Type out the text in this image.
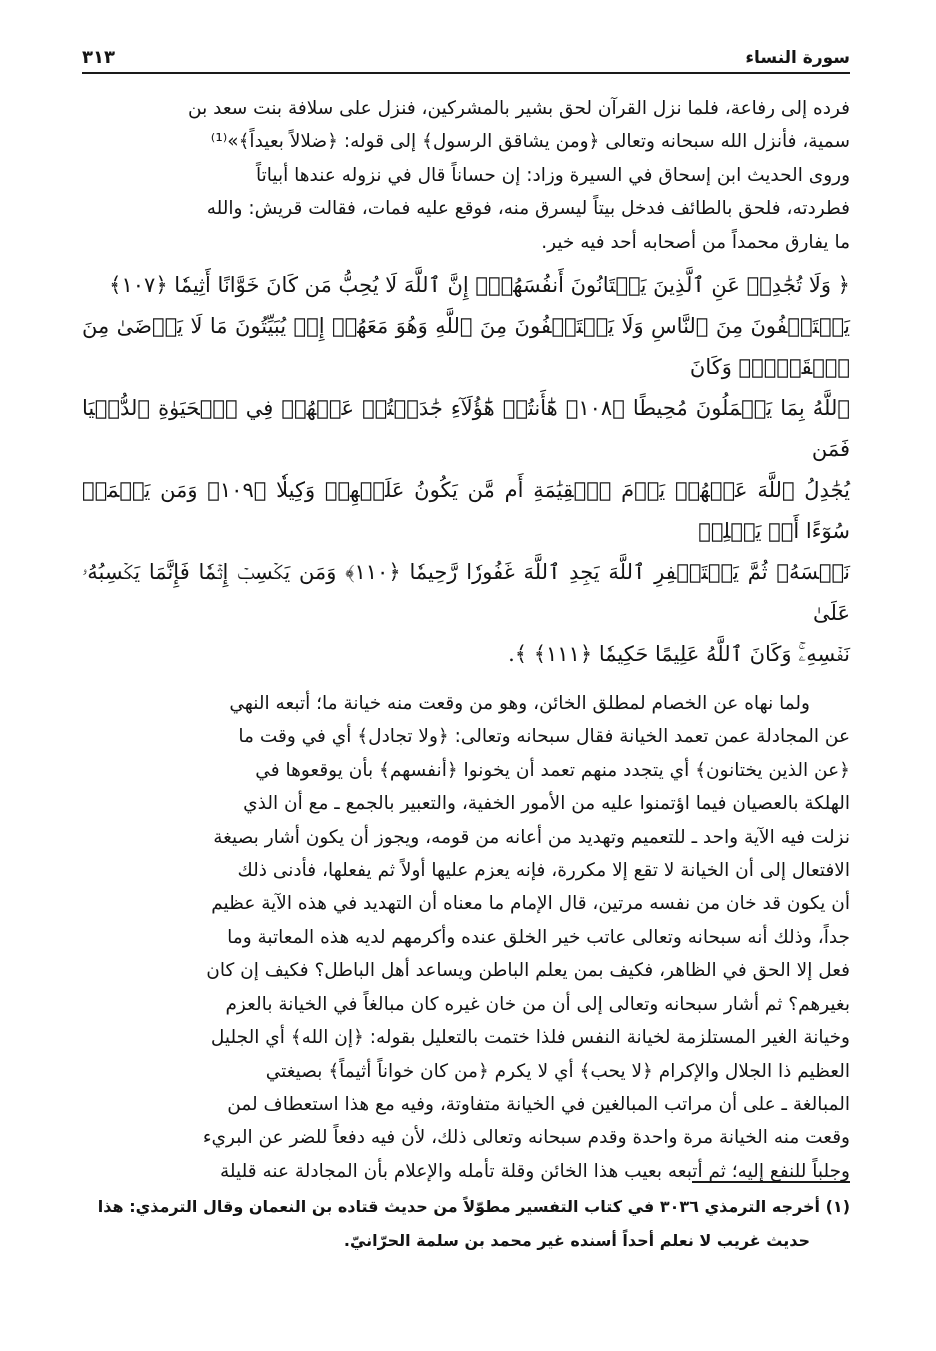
سورة النساء
٣١٣

فرده إلى رفاعة، فلما نزل القرآن لحق بشير بالمشركين، فنزل على سلافة بنت سعد بن

سمية، فأنزل الله سبحانه وتعالى ﴿ومن يشاقق الرسول﴾ إلى قوله: ﴿ضلالاً بعيداً﴾»⁽¹⁾

وروى الحديث ابن إسحاق في السيرة وزاد: إن حساناً قال في نزوله عندها أبياتاً

فطردته، فلحق بالطائف فدخل بيتاً ليسرق منه، فوقع عليه فمات، فقالت قريش: والله

ما يفارق محمداً من أصحابه أحد فيه خير.

﴿ وَلَا تُجَٰدِلۡ عَنِ ٱلَّذِينَ يَخۡتَانُونَ أَنفُسَهُمۡۚ إِنَّ ٱللَّهَ لَا يُحِبُّ مَن كَانَ خَوَّانًا أَثِيمٗا ﴿١٠٧﴾

يَسۡتَخۡفُونَ مِنَ ٱلنَّاسِ وَلَا يَسۡتَخۡفُونَ مِنَ ٱللَّهِ وَهُوَ مَعَهُمۡ إِذۡ يُبَيِّتُونَ مَا لَا يَرۡضَىٰ مِنَ ٱلۡقَوۡلِۚ وَكَانَ

ٱللَّهُ بِمَا يَعۡمَلُونَ مُحِيطًا ﴿١٠٨﴾ هَٰٓأَنتُمۡ هَٰٓؤُلَآءِ جَٰدَلۡتُمۡ عَنۡهُمۡ فِي ٱلۡحَيَوٰةِ ٱلدُّنۡيَا فَمَن

يُجَٰدِلُ ٱللَّهَ عَنۡهُمۡ يَوۡمَ ٱلۡقِيَٰمَةِ أَم مَّن يَكُونُ عَلَيۡهِمۡ وَكِيلٗا ﴿١٠٩﴾ وَمَن يَعۡمَلۡ سُوٓءًا أَوۡ يَظۡلِمۡ

نَفۡسَهُۥ ثُمَّ يَسۡتَغۡفِرِ ٱللَّهَ يَجِدِ ٱللَّهَ غَفُورٗا رَّحِيمٗا ﴿١١٠﴾ وَمَن يَكۡسِبۡ إِثۡمٗا فَإِنَّمَا يَكۡسِبُهُۥ عَلَىٰ

نَفۡسِهِۦۚ وَكَانَ ٱللَّهُ عَلِيمًا حَكِيمٗا ﴿١١١﴾ ﴾.

ولما نهاه عن الخصام لمطلق الخائن، وهو من وقعت منه خيانة ما؛ أتبعه النهي

عن المجادلة عمن تعمد الخيانة فقال سبحانه وتعالى: ﴿ولا تجادل﴾ أي في وقت ما

﴿عن الذين يختانون﴾ أي يتجدد منهم تعمد أن يخونوا ﴿أنفسهم﴾ بأن يوقعوها في

الهلكة بالعصيان فيما اؤتمنوا عليه من الأمور الخفية، والتعبير بالجمع ـ مع أن الذي

نزلت فيه الآية واحد ـ للتعميم وتهديد من أعانه من قومه، ويجوز أن يكون أشار بصيغة

الافتعال إلى أن الخيانة لا تقع إلا مكررة، فإنه يعزم عليها أولاً ثم يفعلها، فأدنى ذلك

أن يكون قد خان من نفسه مرتين، قال الإمام ما معناه أن التهديد في هذه الآية عظيم

جداً، وذلك أنه سبحانه وتعالى عاتب خير الخلق عنده وأكرمهم لديه هذه المعاتبة وما

فعل إلا الحق في الظاهر، فكيف بمن يعلم الباطن ويساعد أهل الباطل؟ فكيف إن كان

بغيرهم؟ ثم أشار سبحانه وتعالى إلى أن من خان غيره كان مبالغاً في الخيانة بالعزم

وخيانة الغير المستلزمة لخيانة النفس فلذا ختمت بالتعليل بقوله: ﴿إن الله﴾ أي الجليل

العظيم ذا الجلال والإكرام ﴿لا يحب﴾ أي لا يكرم ﴿من كان خواناً أثيماً﴾ بصيغتي

المبالغة ـ على أن مراتب المبالغين في الخيانة متفاوتة، وفيه مع هذا استعطاف لمن

وقعت منه الخيانة مرة واحدة وقدم سبحانه وتعالى ذلك، لأن فيه دفعاً للضر عن البريء

وجلباً للنفع إليه؛ ثم أتبعه بعيب هذا الخائن وقلة تأمله والإعلام بأن المجادلة عنه قليلة

(١) أخرجه الترمذي ٣٠٣٦ في كتاب التفسير مطوّلاً من حديث قتاده بن النعمان وقال الترمذي: هذا

حديث غريب لا نعلم أحداً أسنده غير محمد بن سلمة الحرّانيّ.
